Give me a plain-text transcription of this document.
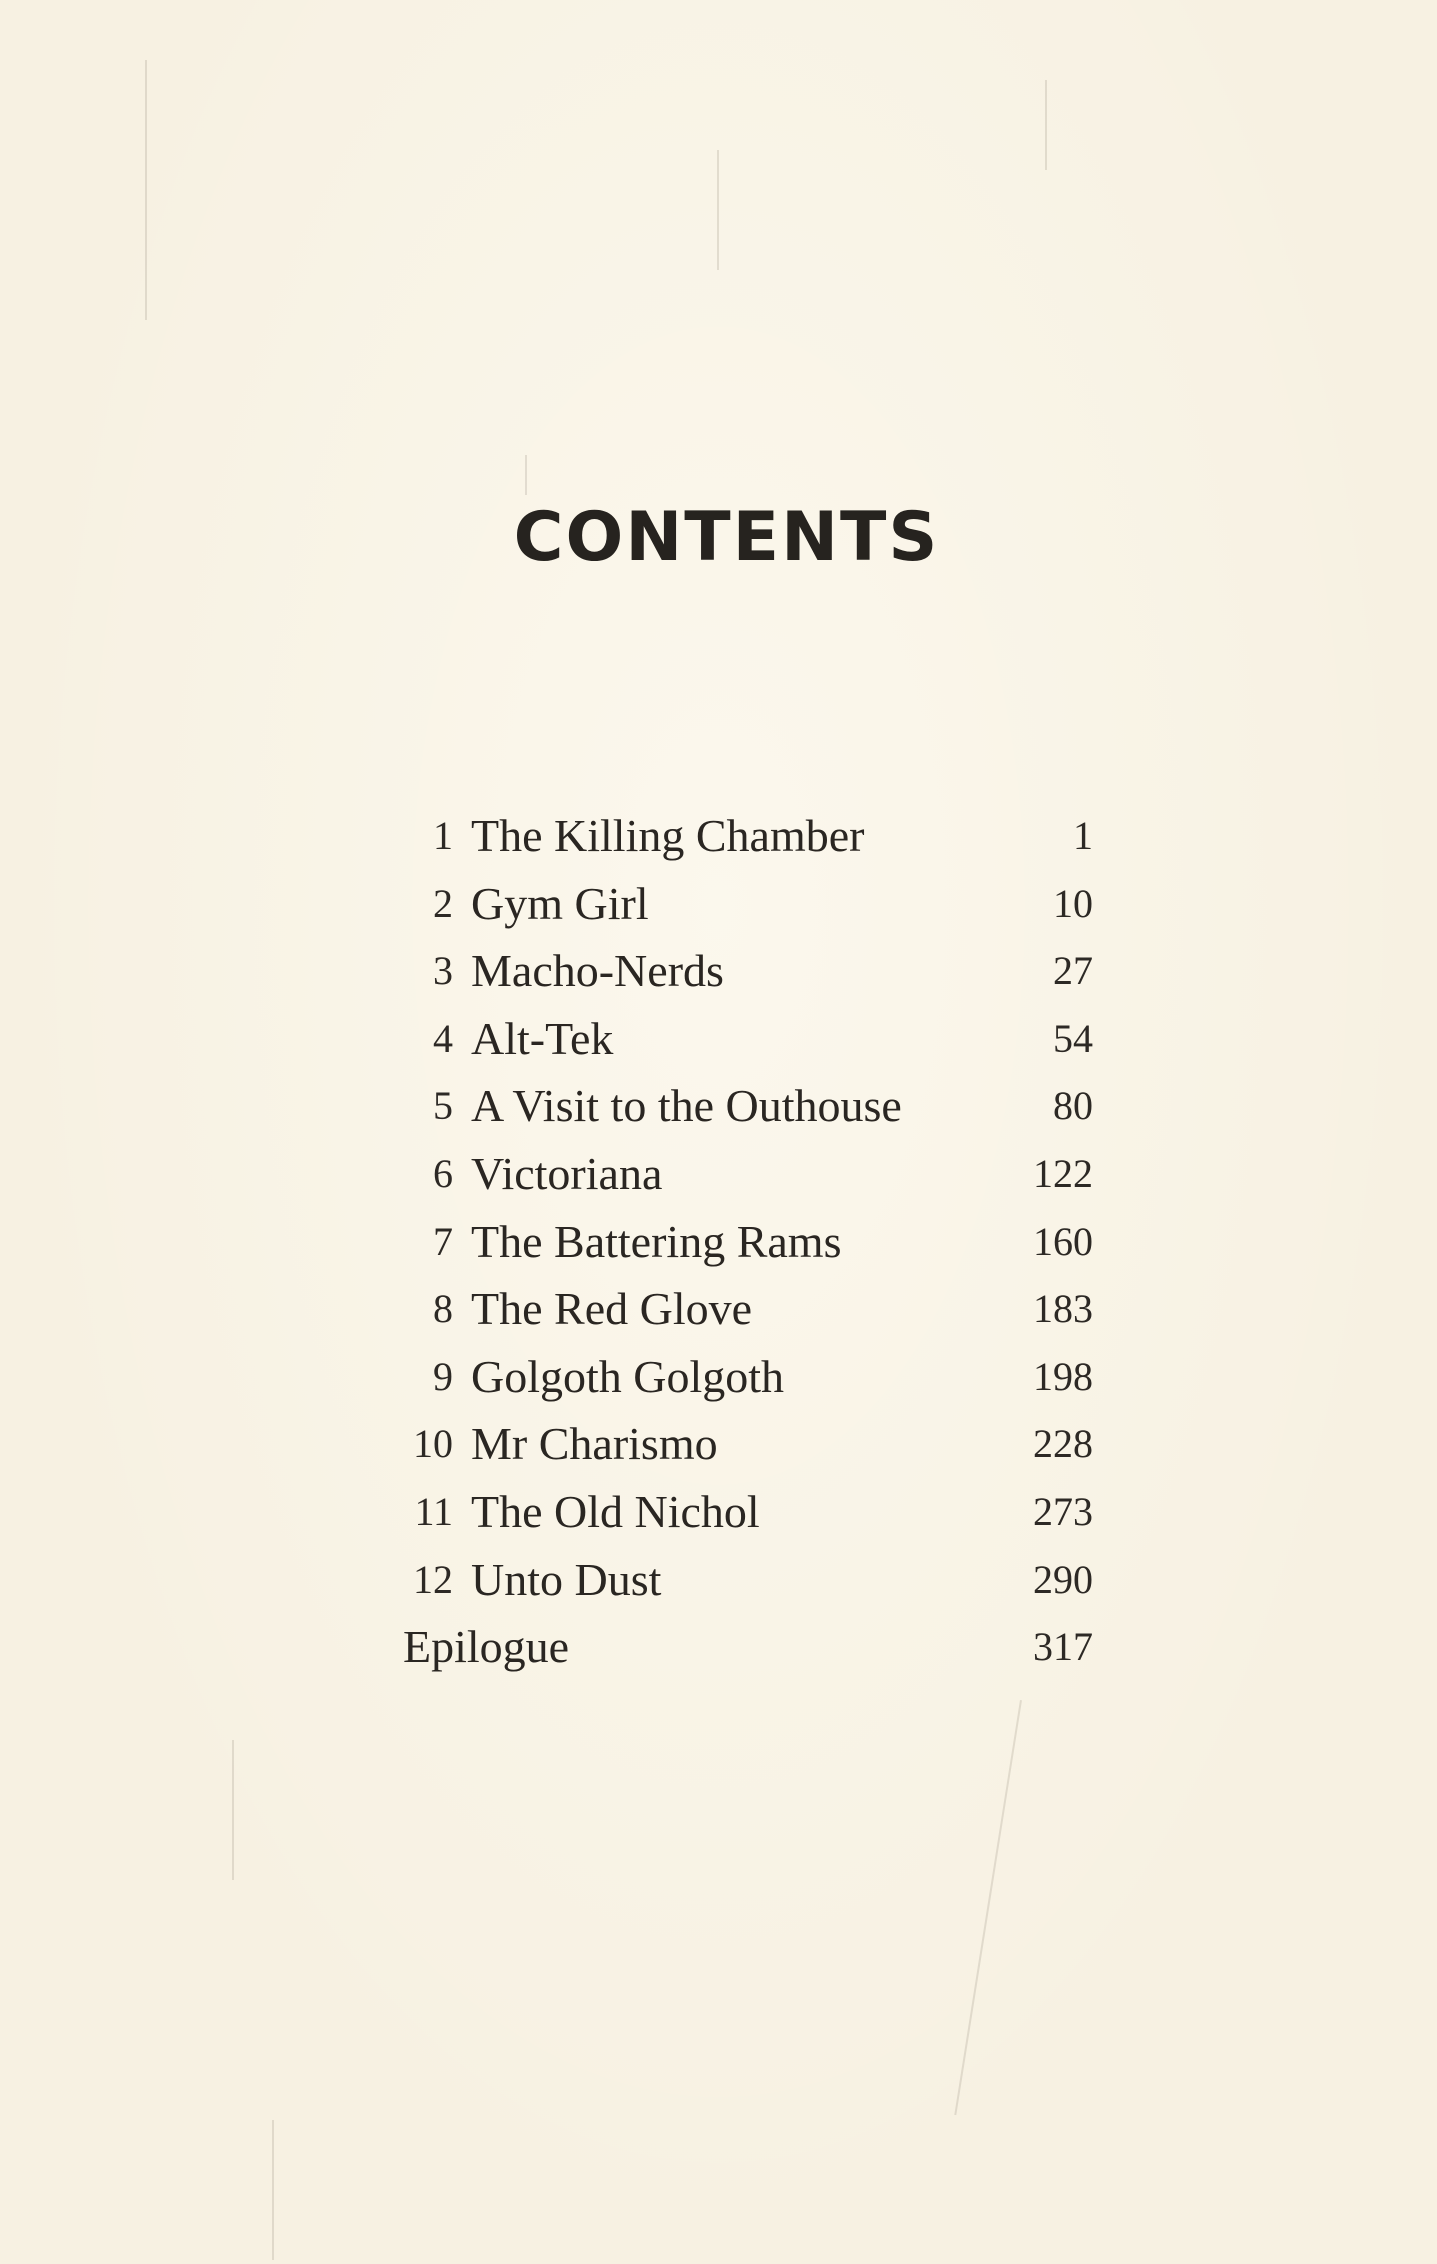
CONTENTS
1 The Killing Chamber	1
2 Gym Girl	10
3 Macho-Nerds	27
4 Alt-Tek	54
5 A Visit to the Outhouse	80
6 Victoriana	122
7 The Battering Rams	160
8 The Red Glove	183
9 Golgoth Golgoth	198
10 Mr Charismo	228
11 The Old Nichol	273
12 Unto Dust	290
Epilogue	317
